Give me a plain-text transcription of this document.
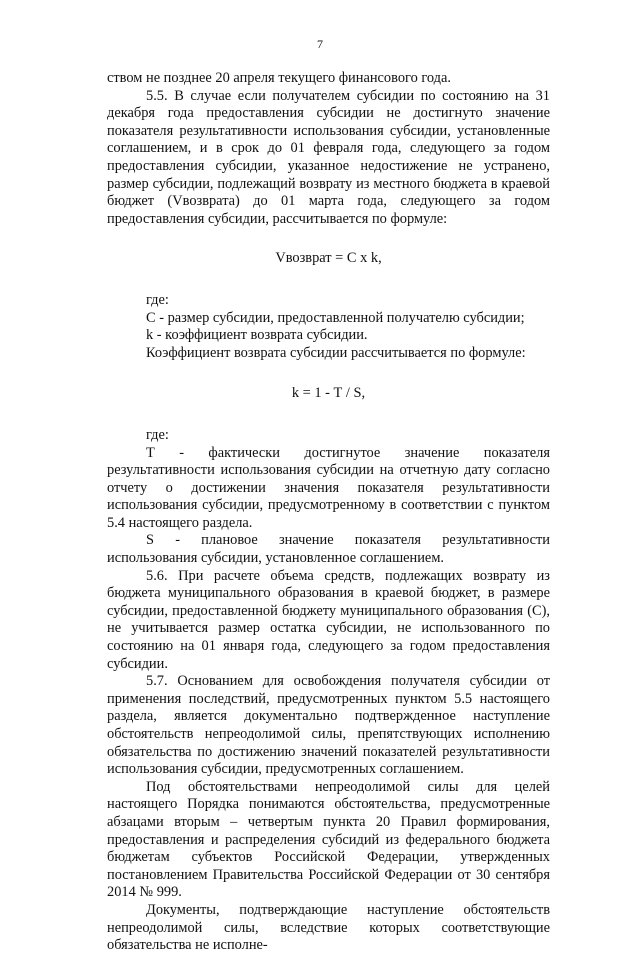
7

ством не позднее 20 апреля текущего финансового года.

5.5. В случае если получателем субсидии по состоянию на 31 декабря года предоставления субсидии не достигнуто значение показателя результативности использования субсидии, установленные соглашением, и в срок до 01 февраля года, следующего за годом предоставления субсидии, указанное недостижение не устранено, размер субсидии, подлежащий возврату из местного бюджета в краевой бюджет (Vвозврата) до 01 марта года, следующего за годом предоставления субсидии, рассчитывается по формуле:

Vвозврат = С х k,

где:

С - размер субсидии, предоставленной получателю субсидии;

k - коэффициент возврата субсидии.

Коэффициент возврата субсидии рассчитывается по формуле:

k = 1 - Т / S,

где:

Т - фактически достигнутое значение показателя результативности использования субсидии на отчетную дату согласно отчету о достижении значения показателя результативности использования субсидии, предусмотренному в соответствии с пунктом 5.4 настоящего раздела.

S - плановое значение показателя результативности использования субсидии, установленное соглашением.

5.6. При расчете объема средств, подлежащих возврату из бюджета муниципального образования в краевой бюджет, в размере субсидии, предоставленной бюджету муниципального образования (С), не учитывается размер остатка субсидии, не использованного по состоянию на 01 января года, следующего за годом предоставления субсидии.

5.7. Основанием для освобождения получателя субсидии от применения последствий, предусмотренных пунктом 5.5 настоящего раздела, является документально подтвержденное наступление обстоятельств непреодолимой силы, препятствующих исполнению обязательства по достижению значений показателей результативности использования субсидии, предусмотренных соглашением.

Под обстоятельствами непреодолимой силы для целей настоящего Порядка понимаются обстоятельства, предусмотренные абзацами вторым – четвертым пункта 20 Правил формирования, предоставления и распределения субсидий из федерального бюджета бюджетам субъектов Российской Федерации, утвержденных постановлением Правительства Российской Федерации от 30 сентября 2014 № 999.

Документы, подтверждающие наступление обстоятельств непреодолимой силы, вследствие которых соответствующие обязательства не исполне-
